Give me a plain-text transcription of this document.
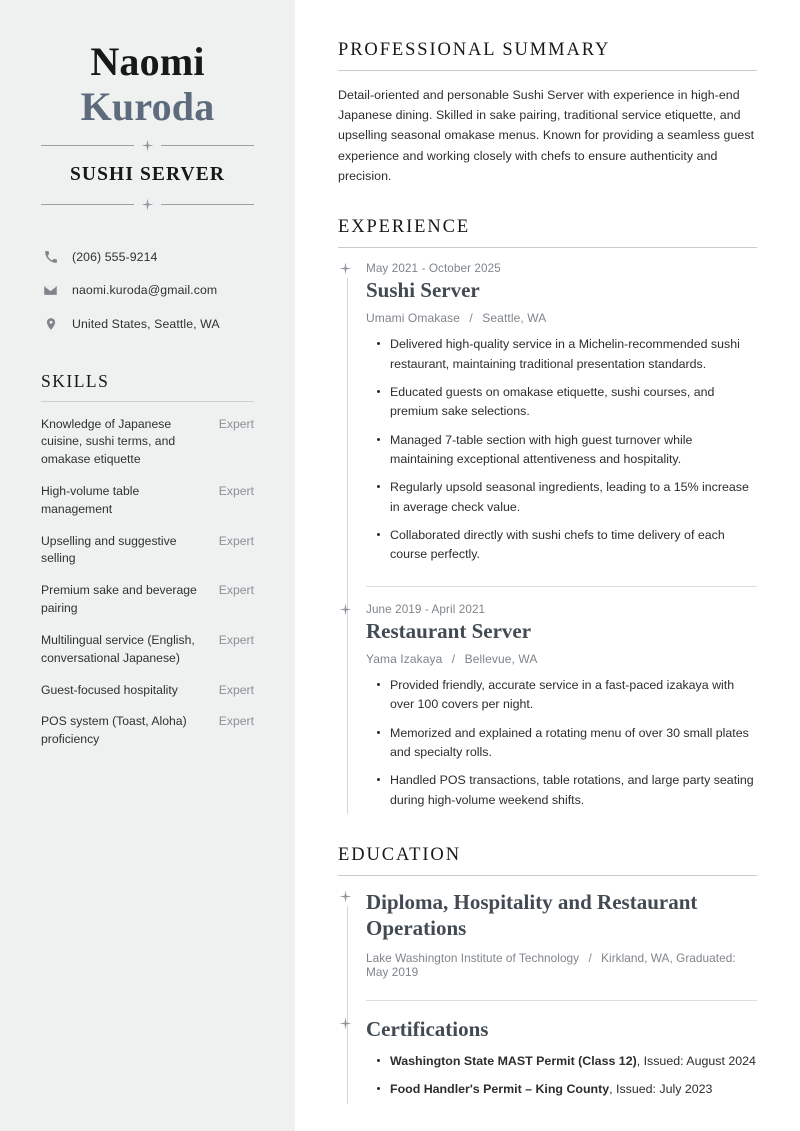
Naomi
Kuroda
SUSHI SERVER
(206) 555-9214
naomi.kuroda@gmail.com
United States, Seattle, WA
SKILLS
Knowledge of Japanese cuisine, sushi terms, and omakase etiquette
Expert
High-volume table management
Expert
Upselling and suggestive selling
Expert
Premium sake and beverage pairing
Expert
Multilingual service (English, conversational Japanese)
Expert
Guest-focused hospitality	Expert
POS system (Toast, Aloha) proficiency
Expert
PROFESSIONAL SUMMARY

Detail-oriented and personable Sushi Server with experience in high-end Japanese dining. Skilled in sake pairing, traditional service etiquette, and upselling seasonal omakase menus. Known for providing a seamless guest experience and working closely with chefs to ensure authenticity and precision.

EXPERIENCE
May 2021 - October 2025
Sushi Server
Umami Omakase / Seattle, WA
Delivered high-quality service in a Michelin-recommended sushi restaurant, maintaining traditional presentation standards.
Educated guests on omakase etiquette, sushi courses, and premium sake selections.
Managed 7-table section with high guest turnover while maintaining exceptional attentiveness and hospitality.
Regularly upsold seasonal ingredients, leading to a 15% increase in average check value.
Collaborated directly with sushi chefs to time delivery of each course perfectly.
June 2019 - April 2021
Restaurant Server
Yama Izakaya / Bellevue, WA
Provided friendly, accurate service in a fast-paced izakaya with over 100 covers per night.
Memorized and explained a rotating menu of over 30 small plates and specialty rolls.
Handled POS transactions, table rotations, and large party seating during high-volume weekend shifts.
EDUCATION
Diploma, Hospitality and Restaurant Operations
Lake Washington Institute of Technology / Kirkland, WA, Graduated: May 2019
Certifications
Washington State MAST Permit (Class 12), Issued: August 2024
Food Handler's Permit – King County, Issued: July 2023
